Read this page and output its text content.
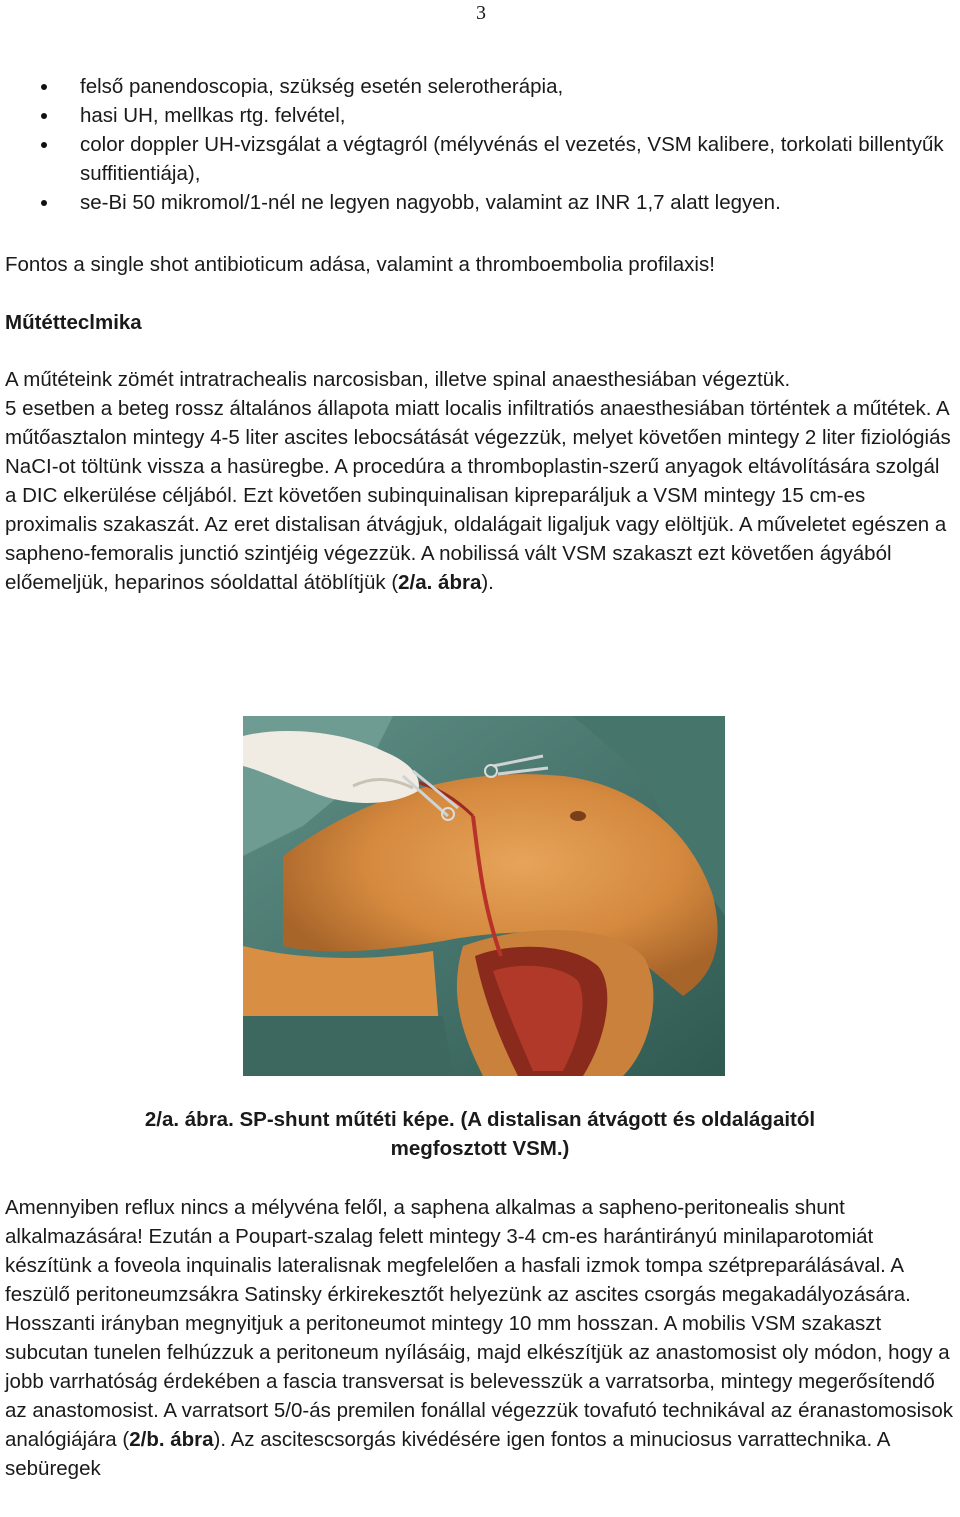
3
felső panendoscopia, szükség esetén selerotherápia,
hasi UH, mellkas rtg. felvétel,
color doppler UH-vizsgálat a végtagról (mélyvénás el vezetés, VSM kalibere, torkolati billentyűk suffitientiája),
se-Bi 50 mikromol/1-nél ne legyen nagyobb, valamint az INR 1,7 alatt legyen.

Fontos a single shot antibioticum adása, valamint a thromboembolia profilaxis!

Műtétteclmika
A műtéteink zömét intratrachealis narcosisban, illetve spinal anaesthesiában végeztük.
5 esetben a beteg rossz általános állapota miatt localis infiltratiós anaesthesiában történtek a műtétek. A műtőasztalon mintegy 4-5 liter ascites lebocsátását végezzük, melyet követően mintegy 2 liter fiziológiás NaCI-ot töltünk vissza a hasüregbe. A procedúra a thromboplastin-szerű anyagok eltávolítására szolgál a DIC elkerülése céljából. Ezt követően subinquinalisan kipreparáljuk a VSM mintegy 15 cm-es proximalis szakaszát. Az eret distalisan átvágjuk, oldalágait ligaljuk vagy elöltjük. A műveletet egészen a sapheno-femoralis junctió szintjéig végezzük. A nobilissá vált VSM szakaszt ezt követően ágyából előemeljük, heparinos sóoldattal átöblítjük (2/a. ábra).
2/a. ábra. SP-shunt műtéti képe. (A distalisan átvágott és oldalágaitól
megfosztott VSM.)
Amennyiben reflux nincs a mélyvéna felől, a saphena alkalmas a sapheno-peritonealis shunt alkalmazására! Ezután a Poupart-szalag felett mintegy 3-4 cm-es harántirányú minilaparotomiát készítünk a foveola inquinalis lateralisnak megfelelően a hasfali izmok tompa szétpreparálásával. A feszülő peritoneumzsákra Satinsky érkirekesztőt helyezünk az ascites csorgás megakadályozására. Hosszanti irányban megnyitjuk a peritoneumot mintegy 10 mm hosszan. A mobilis VSM szakaszt subcutan tunelen felhúzzuk a peritoneum nyílásáig, majd elkészítjük az anastomosist oly módon, hogy a jobb varrhatóság érdekében a fascia transversat is belevesszük a varratsorba, mintegy megerősítendő az anastomosist. A varratsort 5/0-ás premilen fonállal végezzük tovafutó technikával az éranastomosisok analógiájára (2/b. ábra). Az ascitescsorgás kivédésére igen fontos a minuciosus varrattechnika. A sebüregek
